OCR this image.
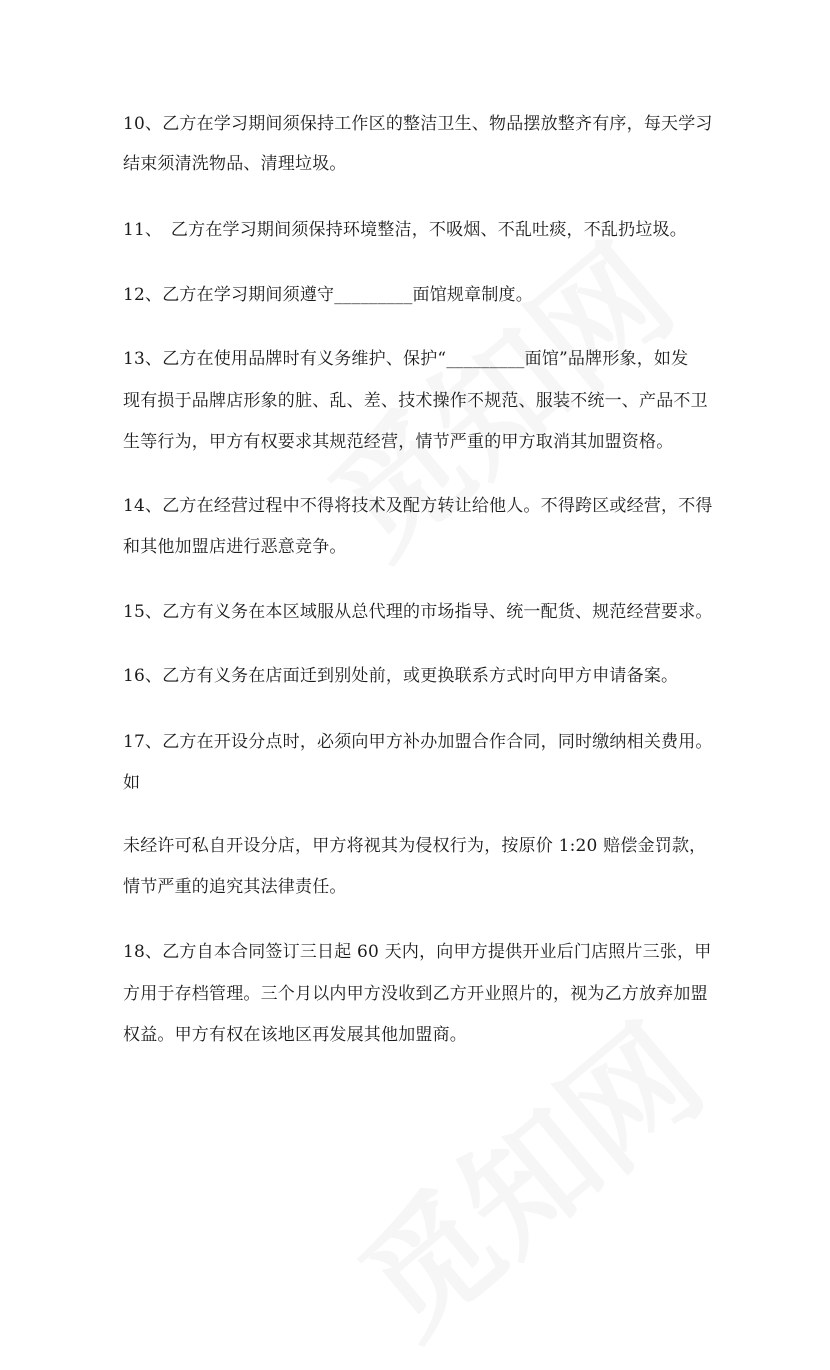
10、乙方在学习期间须保持工作区的整洁卫生、物品摆放整齐有序，每天学习
结束须清洗物品、清理垃圾。
11、　乙方在学习期间须保持环境整洁，不吸烟、不乱吐痰，不乱扔垃圾。
12、乙方在学习期间须遵守_________面馆规章制度。
13、乙方在使用品牌时有义务维护、保护“_________面馆”品牌形象，如发
现有损于品牌店形象的脏、乱、差、技术操作不规范、服装不统一、产品不卫
生等行为，甲方有权要求其规范经营，情节严重的甲方取消其加盟资格。
14、乙方在经营过程中不得将技术及配方转让给他人。不得跨区或经营，不得
和其他加盟店进行恶意竞争。
15、乙方有义务在本区域服从总代理的市场指导、统一配货、规范经营要求。
16、乙方有义务在店面迁到别处前，或更换联系方式时向甲方申请备案。
17、乙方在开设分点时，必须向甲方补办加盟合作合同，同时缴纳相关费用。
如
未经许可私自开设分店，甲方将视其为侵权行为，按原价 1:20 赔偿金罚款，
情节严重的追究其法律责任。
18、乙方自本合同签订三日起 60 天内，向甲方提供开业后门店照片三张，甲
方用于存档管理。三个月以内甲方没收到乙方开业照片的，视为乙方放弃加盟
权益。甲方有权在该地区再发展其他加盟商。
